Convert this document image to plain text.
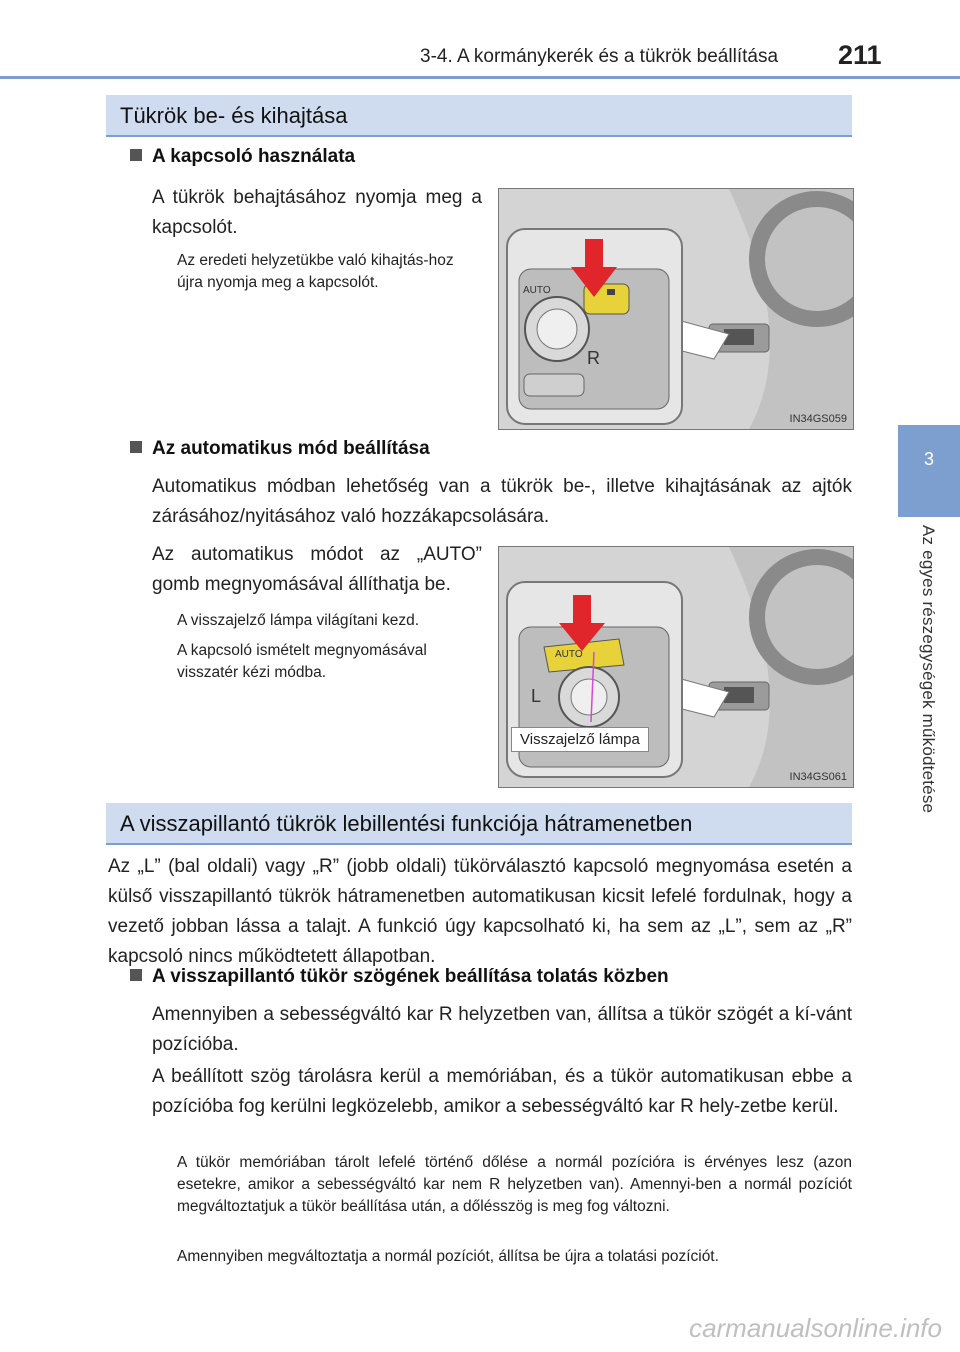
3-4. A kormánykerék és a tükrök beállítása 211
3
Az egyes részegységek működtetése
Tükrök be- és kihajtása
A kapcsoló használata
A tükrök behajtásához nyomja meg a kapcsolót.
Az eredeti helyzetükbe való kihajtás-hoz újra nyomja meg a kapcsolót.	AUTO
R
IN34GS059
Az automatikus mód beállítása
Automatikus módban lehetőség van a tükrök be-, illetve kihajtásának az ajtók zárásához/nyitásához való hozzákapcsolására.
Az automatikus módot az „AUTO” gomb megnyomásával állíthatja be.
A visszajelző lámpa világítani kezd.
A kapcsoló ismételt megnyomásával visszatér kézi módba.
AUTO
L
Visszajelző lámpa
IN34GS061
A visszapillantó tükrök lebillentési funkciója hátramenetben
Az „L” (bal oldali) vagy „R” (jobb oldali) tükörválasztó kapcsoló megnyomása esetén a külső visszapillantó tükrök hátramenetben automatikusan kicsit lefelé fordulnak, hogy a vezető jobban lássa a talajt. A funkció úgy kapcsolható ki, ha sem az „L”, sem az „R” kapcsoló nincs működtetett állapotban.
A visszapillantó tükör szögének beállítása tolatás közben
Amennyiben a sebességváltó kar R helyzetben van, állítsa a tükör szögét a kí-vánt pozícióba.
A beállított szög tárolásra kerül a memóriában, és a tükör automatikusan ebbe a pozícióba fog kerülni legközelebb, amikor a sebességváltó kar R hely-zetbe kerül.
A tükör memóriában tárolt lefelé történő dőlése a normál pozícióra is érvényes lesz (azon esetekre, amikor a sebességváltó kar nem R helyzetben van). Amennyi-ben a normál pozíciót megváltoztatjuk a tükör beállítása után, a dőlésszög is meg fog változni.
Amennyiben megváltoztatja a normál pozíciót, állítsa be újra a tolatási pozíciót.
carmanualsonline.info
